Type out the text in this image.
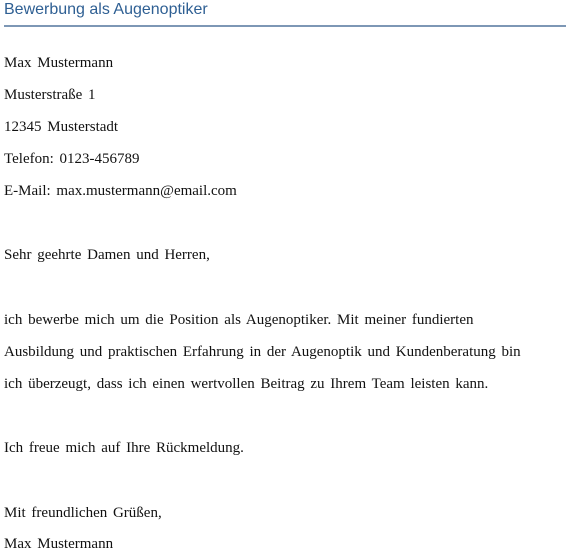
Bewerbung als Augenoptiker
Max Mustermann
Musterstraße 1
12345 Musterstadt
Telefon: 0123-456789
E-Mail: max.mustermann@email.com
Sehr geehrte Damen und Herren,
ich bewerbe mich um die Position als Augenoptiker. Mit meiner fundierten
Ausbildung und praktischen Erfahrung in der Augenoptik und Kundenberatung bin
ich überzeugt, dass ich einen wertvollen Beitrag zu Ihrem Team leisten kann.
Ich freue mich auf Ihre Rückmeldung.
Mit freundlichen Grüßen,
Max Mustermann
